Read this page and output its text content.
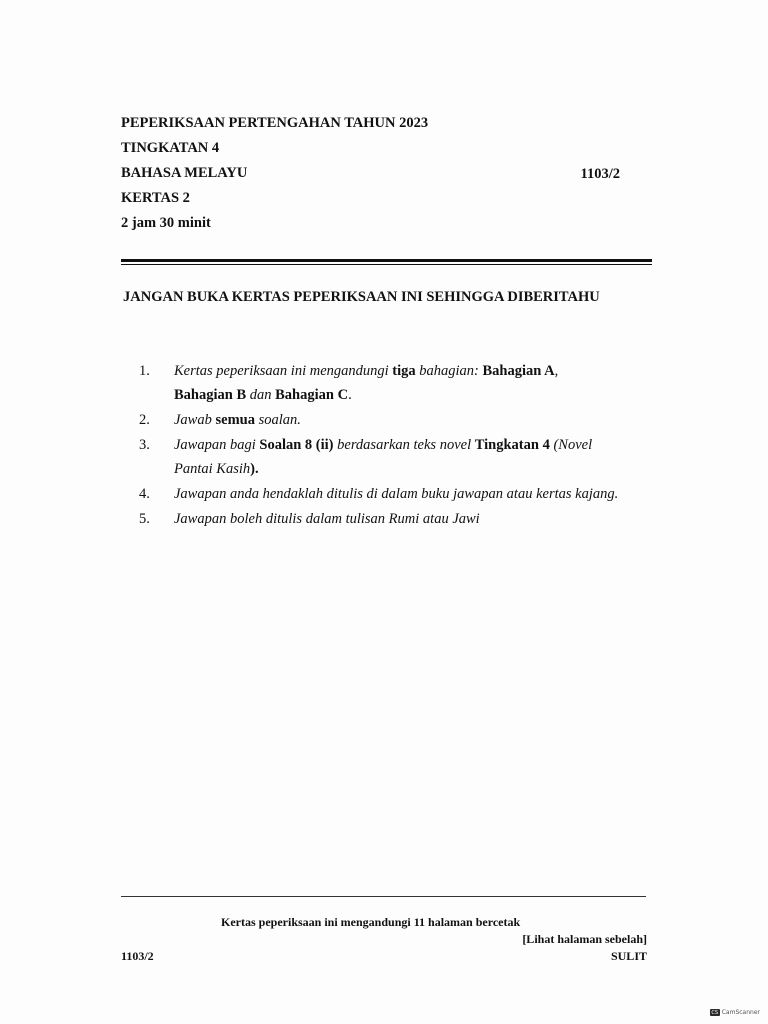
PEPERIKSAAN PERTENGAHAN TAHUN 2023
TINGKATAN 4
BAHASA MELAYU	1103/2
KERTAS 2
2 jam 30 minit
JANGAN BUKA KERTAS PEPERIKSAAN INI SEHINGGA DIBERITAHU
1. Kertas peperiksaan ini mengandungi tiga bahagian: Bahagian A,
Bahagian B dan Bahagian C.
2. Jawab semua soalan.
3. Jawapan bagi Soalan 8 (ii) berdasarkan teks novel Tingkatan 4 (Novel
Pantai Kasih).
4. Jawapan anda hendaklah ditulis di dalam buku jawapan atau kertas kajang.
5. Jawapan boleh ditulis dalam tulisan Rumi atau Jawi
Kertas peperiksaan ini mengandungi 11 halaman bercetak
[Lihat halaman sebelah]
1103/2	SULIT
CS CamScanner
